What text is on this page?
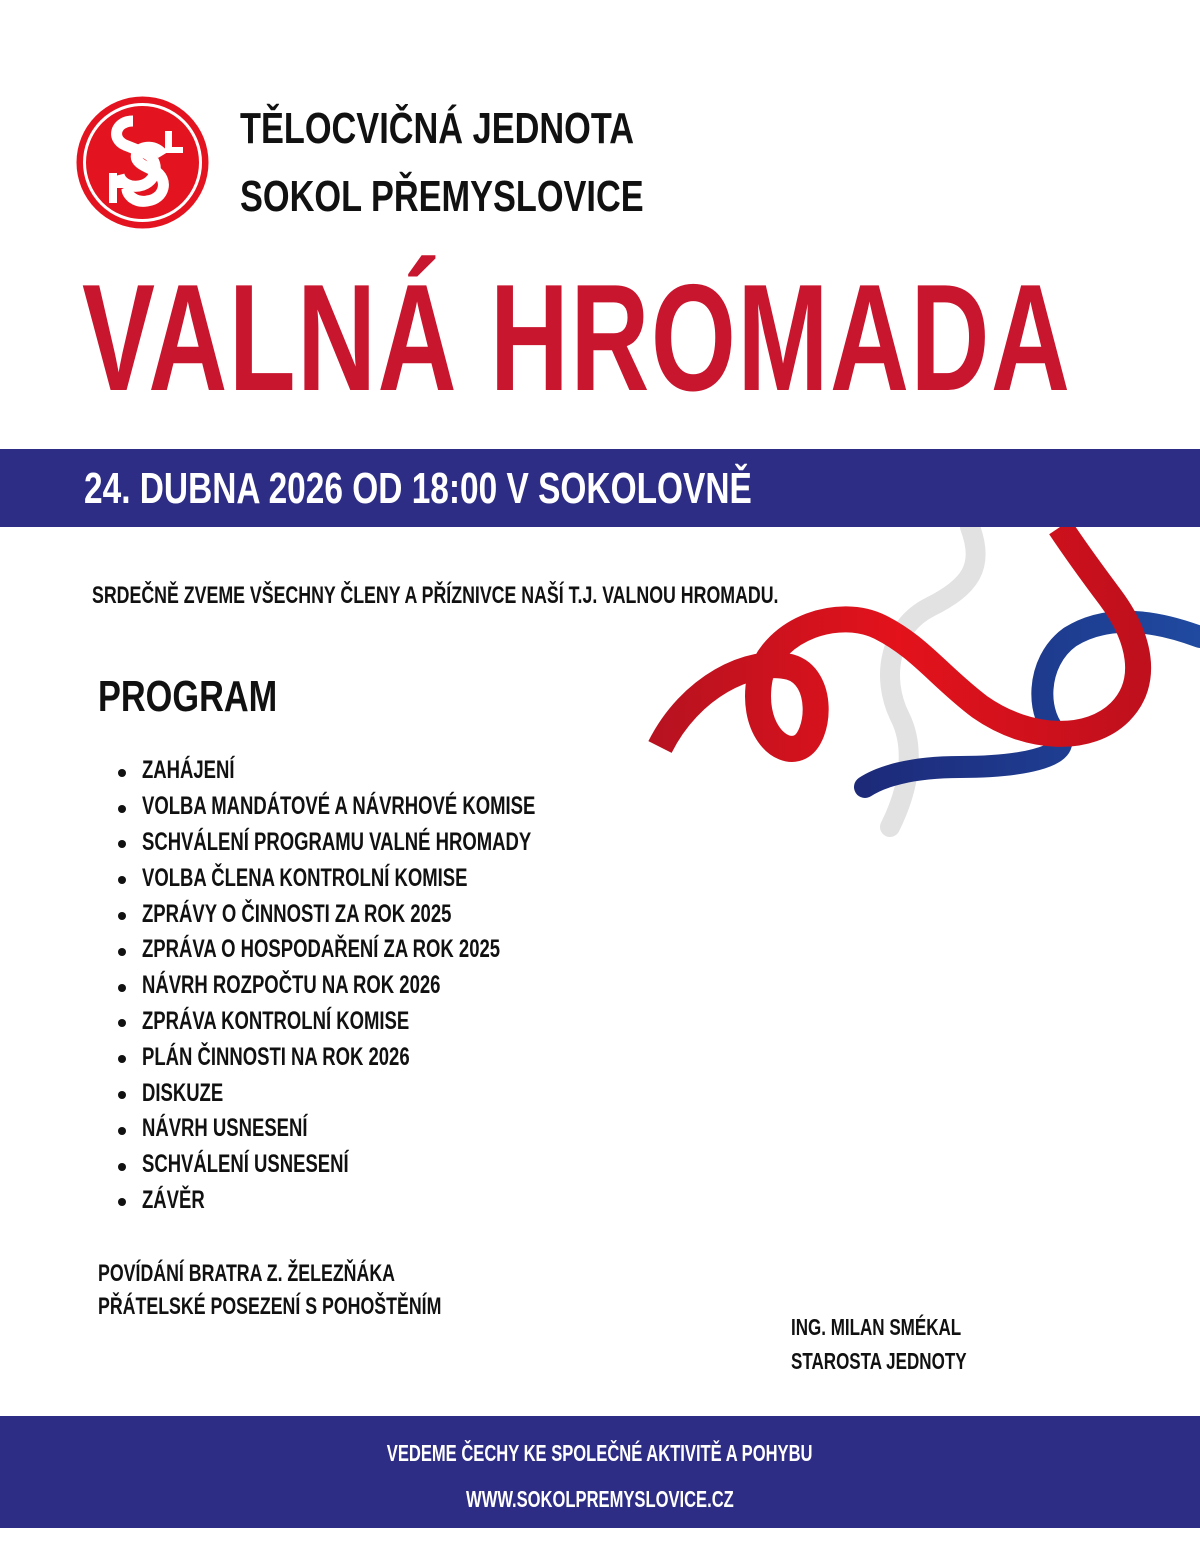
TĚLOCVIČNÁ JEDNOTA
SOKOL PŘEMYSLOVICE
VALNÁ HROMADA
24. DUBNA 2026 OD 18:00 V SOKOLOVNĚ
SRDEČNĚ ZVEME VŠECHNY ČLENY A PŘÍZNIVCE NAŠÍ T.J. VALNOU HROMADU.
PROGRAM
ZAHÁJENÍ
VOLBA MANDÁTOVÉ A NÁVRHOVÉ KOMISE
SCHVÁLENÍ PROGRAMU VALNÉ HROMADY
VOLBA ČLENA KONTROLNÍ KOMISE
ZPRÁVY O ČINNOSTI ZA ROK 2025
ZPRÁVA O HOSPODAŘENÍ ZA ROK 2025
NÁVRH ROZPOČTU NA ROK 2026
ZPRÁVA KONTROLNÍ KOMISE
PLÁN ČINNOSTI NA ROK 2026
DISKUZE
NÁVRH USNESENÍ
SCHVÁLENÍ USNESENÍ
ZÁVĚR
POVÍDÁNÍ BRATRA Z. ŽELEZŇÁKA
PŘÁTELSKÉ POSEZENÍ S POHOŠTĚNÍM
ING. MILAN SMÉKAL
STAROSTA JEDNOTY
VEDEME ČECHY KE SPOLEČNÉ AKTIVITĚ A POHYBU
WWW.SOKOLPREMYSLOVICE.CZ
